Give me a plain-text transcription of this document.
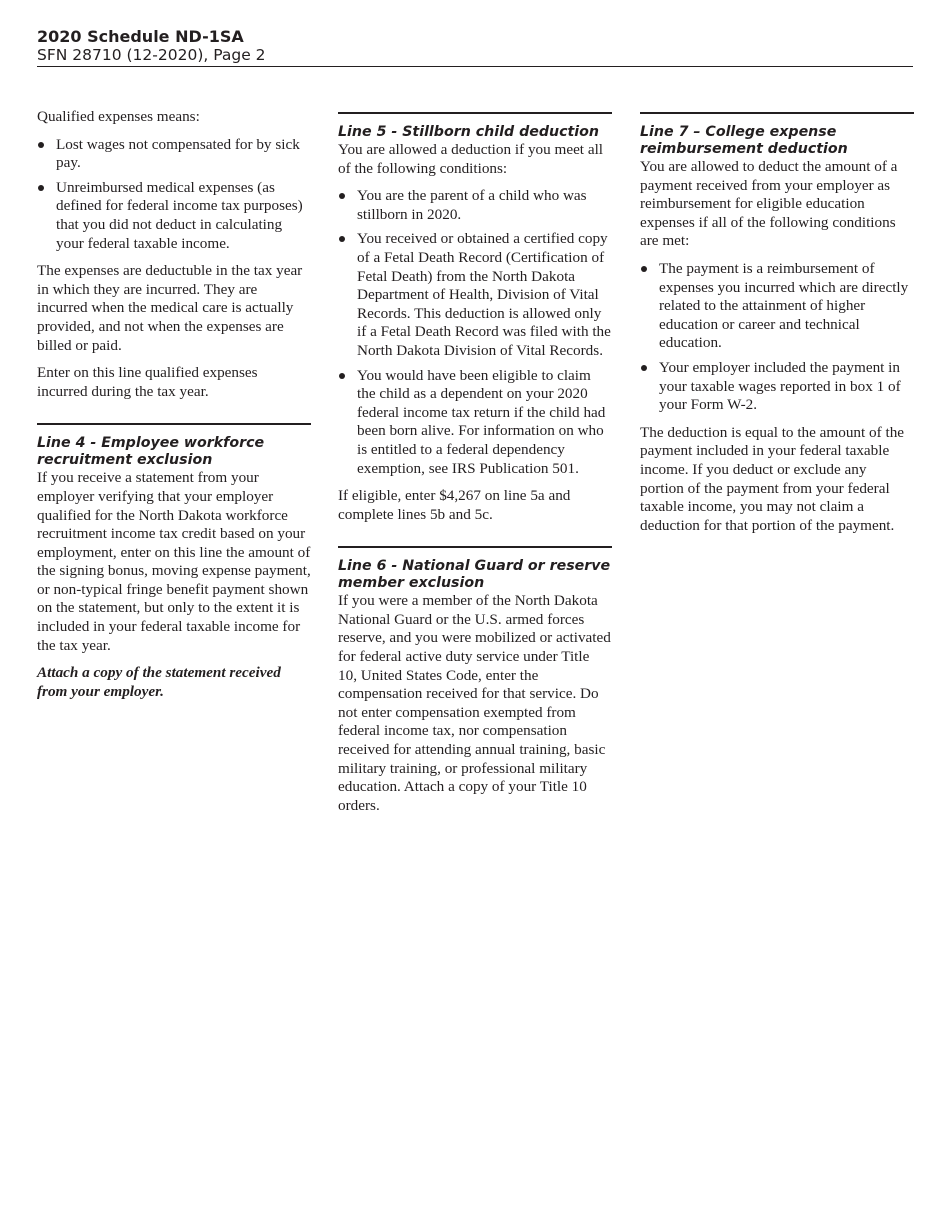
2020 Schedule ND-1SA
SFN 28710 (12-2020), Page 2

Qualified expenses means:

Lost wages not compensated for by sick pay.
Unreimbursed medical expenses (as defined for federal income tax purposes) that you did not deduct in calculating your federal taxable income.

The expenses are deductuble in the tax year in which they are incurred. They are incurred when the medical care is actually provided, and not when the expenses are billed or paid.

Enter on this line qualified expenses incurred during the tax year.

Line 4 - Employee workforce recruitment exclusion

If you receive a statement from your employer verifying that your employer qualified for the North Dakota workforce recruitment income tax credit based on your employment, enter on this line the amount of the signing bonus, moving expense payment, or non-typical fringe benefit payment shown on the statement, but only to the extent it is included in your federal taxable income for the tax year.

Attach a copy of the statement received from your employer.

Line 5 - Stillborn child deduction

You are allowed a deduction if you meet all of the following conditions:

You are the parent of a child who was stillborn in 2020.
You received or obtained a certified copy of a Fetal Death Record (Certification of Fetal Death) from the North Dakota Department of Health, Division of Vital Records. This deduction is allowed only if a Fetal Death Record was filed with the North Dakota Division of Vital Records.
You would have been eligible to claim the child as a dependent on your 2020 federal income tax return if the child had been born alive. For information on who is entitled to a federal dependency exemption, see IRS Publication 501.

If eligible, enter $4,267 on line 5a and complete lines 5b and 5c.

Line 6 - National Guard or reserve member exclusion

If you were a member of the North Dakota National Guard or the U.S. armed forces reserve, and you were mobilized or activated for federal active duty service under Title 10, United States Code, enter the compensation received for that service. Do not enter compensation exempted from federal income tax, nor compensation received for attending annual training, basic military training, or professional military education. Attach a copy of your Title 10 orders.

Line 7 – College expense reimbursement deduction

You are allowed to deduct the amount of a payment received from your employer as reimbursement for eligible education expenses if all of the following conditions are met:

The payment is a reimbursement of expenses you incurred which are directly related to the attainment of higher education or career and technical education.
Your employer included the payment in your taxable wages reported in box 1 of your Form W-2.

The deduction is equal to the amount of the payment included in your federal taxable income. If you deduct or exclude any portion of the payment from your federal taxable income, you may not claim a deduction for that portion of the payment.
